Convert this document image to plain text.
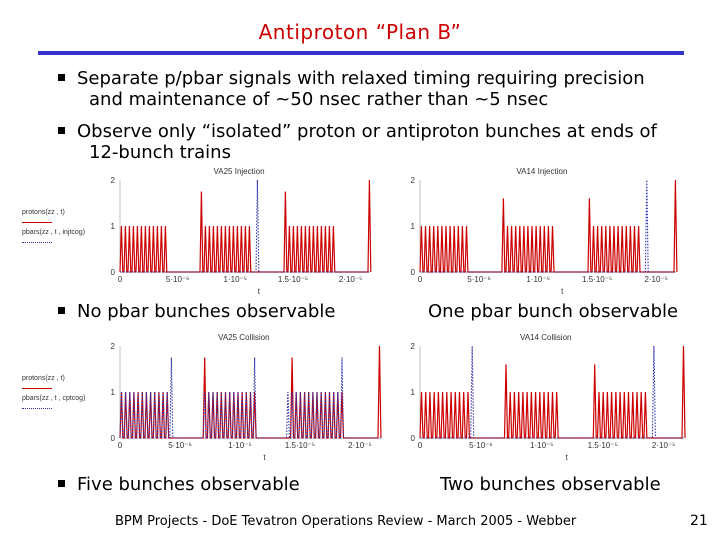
Antiproton “Plan B”
Separate p/pbar signals with relaxed timing requiring precision
and maintenance of ~50 nsec rather than ~5 nsec
Observe only “isolated” proton or antiproton bunches at ends of
12-bunch trains
protons(zz , t)
pbars(zz , t , injtcog)
protons(zz , t)
pbars(zz , t , cptcog)
VA25 Injection
0
1
2
0	5·10⁻⁶	1·10⁻⁵	1.5·10⁻⁵	2·10⁻⁵
t
VA14 Injection
0
1
2
0	5·10⁻⁶	1·10⁻⁵	1.5·10⁻⁵	2·10⁻⁵
t
VA25 Collision
0
1
2
0	5·10⁻⁶	1·10⁻⁵	1.5·10⁻⁵	2·10⁻⁵
t
VA14 Collision
0
1
2
0	5·10⁻⁶	1·10⁻⁵	1.5·10⁻⁵	2·10⁻⁵
t
No pbar bunches observable	One pbar bunch observable
Five bunches observable	Two bunches observable
BPM Projects - DoE Tevatron Operations Review - March 2005 - Webber	21
